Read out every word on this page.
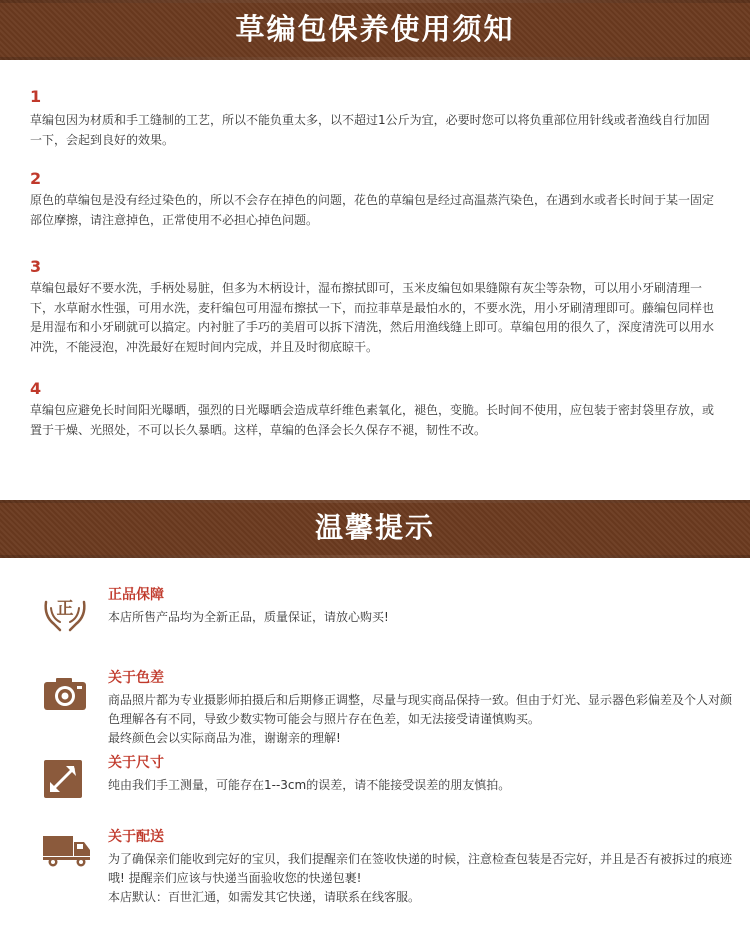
草编包保养使用须知
1
草编包因为材质和手工缝制的工艺，所以不能负重太多，以不超过1公斤为宜，必要时您可以将负重部位用针线或者渔线自行加固一下，会起到良好的效果。
2
原色的草编包是没有经过染色的，所以不会存在掉色的问题，花色的草编包是经过高温蒸汽染色，在遇到水或者长时间于某一固定部位摩擦，请注意掉色，正常使用不必担心掉色问题。
3
草编包最好不要水洗，手柄处易脏，但多为木柄设计，湿布擦拭即可，玉米皮编包如果缝隙有灰尘等杂物，可以用小牙刷清理一下，水草耐水性强，可用水洗，麦秆编包可用湿布擦拭一下，而拉菲草是最怕水的，不要水洗，用小牙刷清理即可。藤编包同样也是用湿布和小牙刷就可以搞定。内衬脏了手巧的美眉可以拆下清洗，然后用渔线缝上即可。草编包用的很久了，深度清洗可以用水冲洗，不能浸泡，冲洗最好在短时间内完成，并且及时彻底晾干。
4
草编包应避免长时间阳光曝晒，强烈的日光曝晒会造成草纤维色素氧化，褪色，变脆。长时间不使用，应包装于密封袋里存放，或置于干燥、光照处，不可以长久暴晒。这样，草编的色泽会长久保存不褪，韧性不改。
温馨提示
正
正品保障
本店所售产品均为全新正品，质量保证，请放心购买!
关于色差
商品照片都为专业摄影师拍摄后和后期修正调整，尽量与现实商品保持一致。但由于灯光、显示器色彩偏差及个人对颜色理解各有不同，导致少数实物可能会与照片存在色差，如无法接受请谨慎购买。
最终颜色会以实际商品为准，谢谢亲的理解!
关于尺寸
纯由我们手工测量，可能存在1--3cm的误差，请不能接受误差的朋友慎拍。
关于配送
为了确保亲们能收到完好的宝贝，我们提醒亲们在签收快递的时候，注意检查包装是否完好，并且是否有被拆过的痕迹哦! 提醒亲们应该与快递当面验收您的快递包裹!
本店默认：百世汇通，如需发其它快递，请联系在线客服。
